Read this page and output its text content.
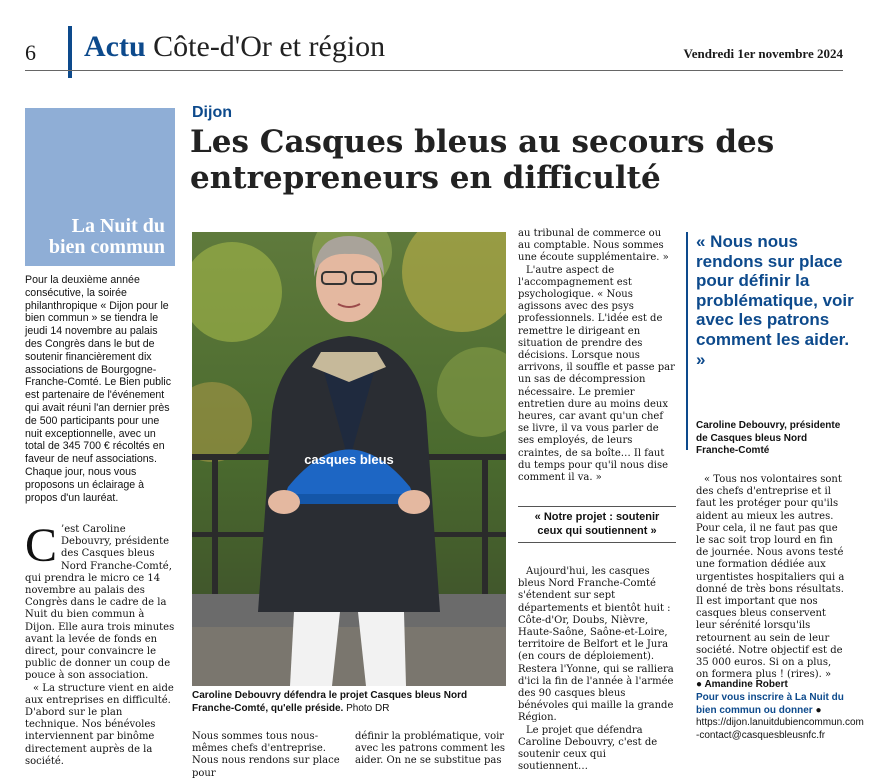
6 Actu Côte-d'Or et région	Vendredi 1er novembre 2024
La Nuit du bien commun
Pour la deuxième année consécutive, la soirée philanthropique « Dijon pour le bien commun » se tiendra le jeudi 14 novembre au palais des Congrès dans le but de soutenir financièrement dix associations de Bourgogne-Franche-Comté. Le Bien public est partenaire de l'événement qui avait réuni l'an dernier près de 500 participants pour une nuit exceptionnelle, avec un total de 345 700 € récoltés en faveur de neuf associations. Chaque jour, nous vous proposons un éclairage à propos d'un lauréat.

C ’est Caroline Debouvry, présidente des Casques bleus Nord Franche-Comté, qui prendra le micro ce 14 novembre au palais des Congrès dans le cadre de la Nuit du bien commun à Dijon. Elle aura trois minutes avant la levée de fonds en direct, pour convaincre le public de donner un coup de pouce à son association.

« La structure vient en aide aux entreprises en difficulté. D'abord sur le plan technique. Nos bénévoles interviennent par binôme directement auprès de la société.

Dijon
Les Casques bleus au secours des entrepreneurs en difficulté
casques bleus
Caroline Debouvry défendra le projet Casques bleus Nord Franche-Comté, qu'elle préside. Photo DR
Nous sommes tous nous-mêmes chefs d'entreprise. Nous nous rendons sur place pour
définir la problématique, voir avec les patrons comment les aider. On ne se substitue pas

au tribunal de commerce ou au comptable. Nous sommes une écoute supplémentaire. »

L'autre aspect de l'accompagnement est psychologique. « Nous agissons avec des psys professionnels. L'idée est de remettre le dirigeant en situation de prendre des décisions. Lorsque nous arrivons, il souffle et passe par un sas de décompression nécessaire. Le premier entretien dure au moins deux heures, car avant qu'un chef se livre, il va vous parler de ses employés, de leurs craintes, de sa boîte… Il faut du temps pour qu'il nous dise comment il va. »

« Notre projet : soutenir ceux qui soutiennent »

Aujourd'hui, les casques bleus Nord Franche-Comté s'étendent sur sept départements et bientôt huit : Côte-d'Or, Doubs, Nièvre, Haute-Saône, Saône-et-Loire, territoire de Belfort et le Jura (en cours de déploiement). Restera l'Yonne, qui se ralliera d'ici la fin de l'année à l'armée des 90 casques bleus bénévoles qui maille la grande Région.

Le projet que défendra Caroline Debouvry, c'est de soutenir ceux qui soutiennent…

« Nous nous rendons sur place pour définir la problématique, voir avec les patrons comment les aider. »
Caroline Debouvry, présidente de Casques bleus Nord Franche-Comté

« Tous nos volontaires sont des chefs d'entreprise et il faut les protéger pour qu'ils aident au mieux les autres. Pour cela, il ne faut pas que le sac soit trop lourd en fin de journée. Nous avons testé une formation dédiée aux urgentistes hospitaliers qui a donné de très bons résultats. Il est important que nos casques bleus conservent leur sérénité lorsqu'ils retournent au sein de leur société. Notre objectif est de 35 000 euros. Si on a plus, on formera plus ! (rires). »

● Amandine Robert
Pour vous inscrire à La Nuit du bien commun ou donner ● https://dijon.lanuitdubiencommun.com -contact@casquesbleusnfc.fr
